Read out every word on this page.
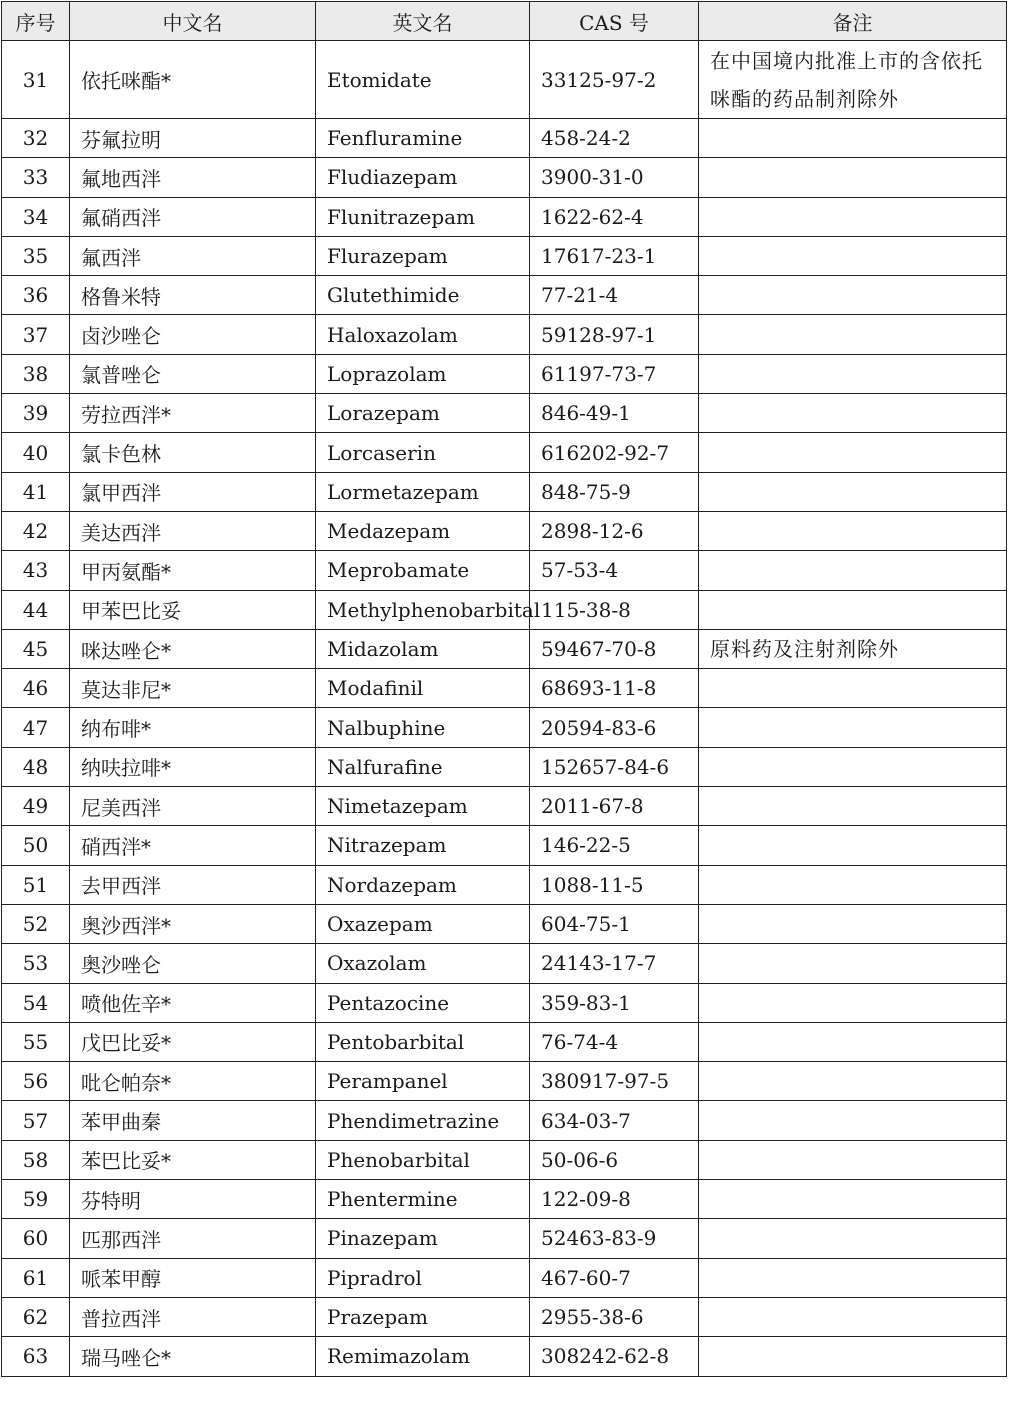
序号	中文名	英文名	CAS 号	备注
31	依托咪酯*	Etomidate	33125-97-2	在中国境内批准上市的含依托咪酯的药品制剂除外
32	芬氟拉明	Fenfluramine	458-24-2	
33	氟地西泮	Fludiazepam	3900-31-0	
34	氟硝西泮	Flunitrazepam	1622-62-4	
35	氟西泮	Flurazepam	17617-23-1	
36	格鲁米特	Glutethimide	77-21-4	
37	卤沙唑仑	Haloxazolam	59128-97-1	
38	氯普唑仑	Loprazolam	61197-73-7	
39	劳拉西泮*	Lorazepam	846-49-1	
40	氯卡色林	Lorcaserin	616202-92-7	
41	氯甲西泮	Lormetazepam	848-75-9	
42	美达西泮	Medazepam	2898-12-6	
43	甲丙氨酯*	Meprobamate	57-53-4	
44	甲苯巴比妥	Methylphenobarbital	115-38-8	
45	咪达唑仑*	Midazolam	59467-70-8	原料药及注射剂除外
46	莫达非尼*	Modafinil	68693-11-8	
47	纳布啡*	Nalbuphine	20594-83-6	
48	纳呋拉啡*	Nalfurafine	152657-84-6	
49	尼美西泮	Nimetazepam	2011-67-8	
50	硝西泮*	Nitrazepam	146-22-5	
51	去甲西泮	Nordazepam	1088-11-5	
52	奥沙西泮*	Oxazepam	604-75-1	
53	奥沙唑仑	Oxazolam	24143-17-7	
54	喷他佐辛*	Pentazocine	359-83-1	
55	戊巴比妥*	Pentobarbital	76-74-4	
56	吡仑帕奈*	Perampanel	380917-97-5	
57	苯甲曲秦	Phendimetrazine	634-03-7	
58	苯巴比妥*	Phenobarbital	50-06-6	
59	芬特明	Phentermine	122-09-8	
60	匹那西泮	Pinazepam	52463-83-9	
61	哌苯甲醇	Pipradrol	467-60-7	
62	普拉西泮	Prazepam	2955-38-6	
63	瑞马唑仑*	Remimazolam	308242-62-8	
